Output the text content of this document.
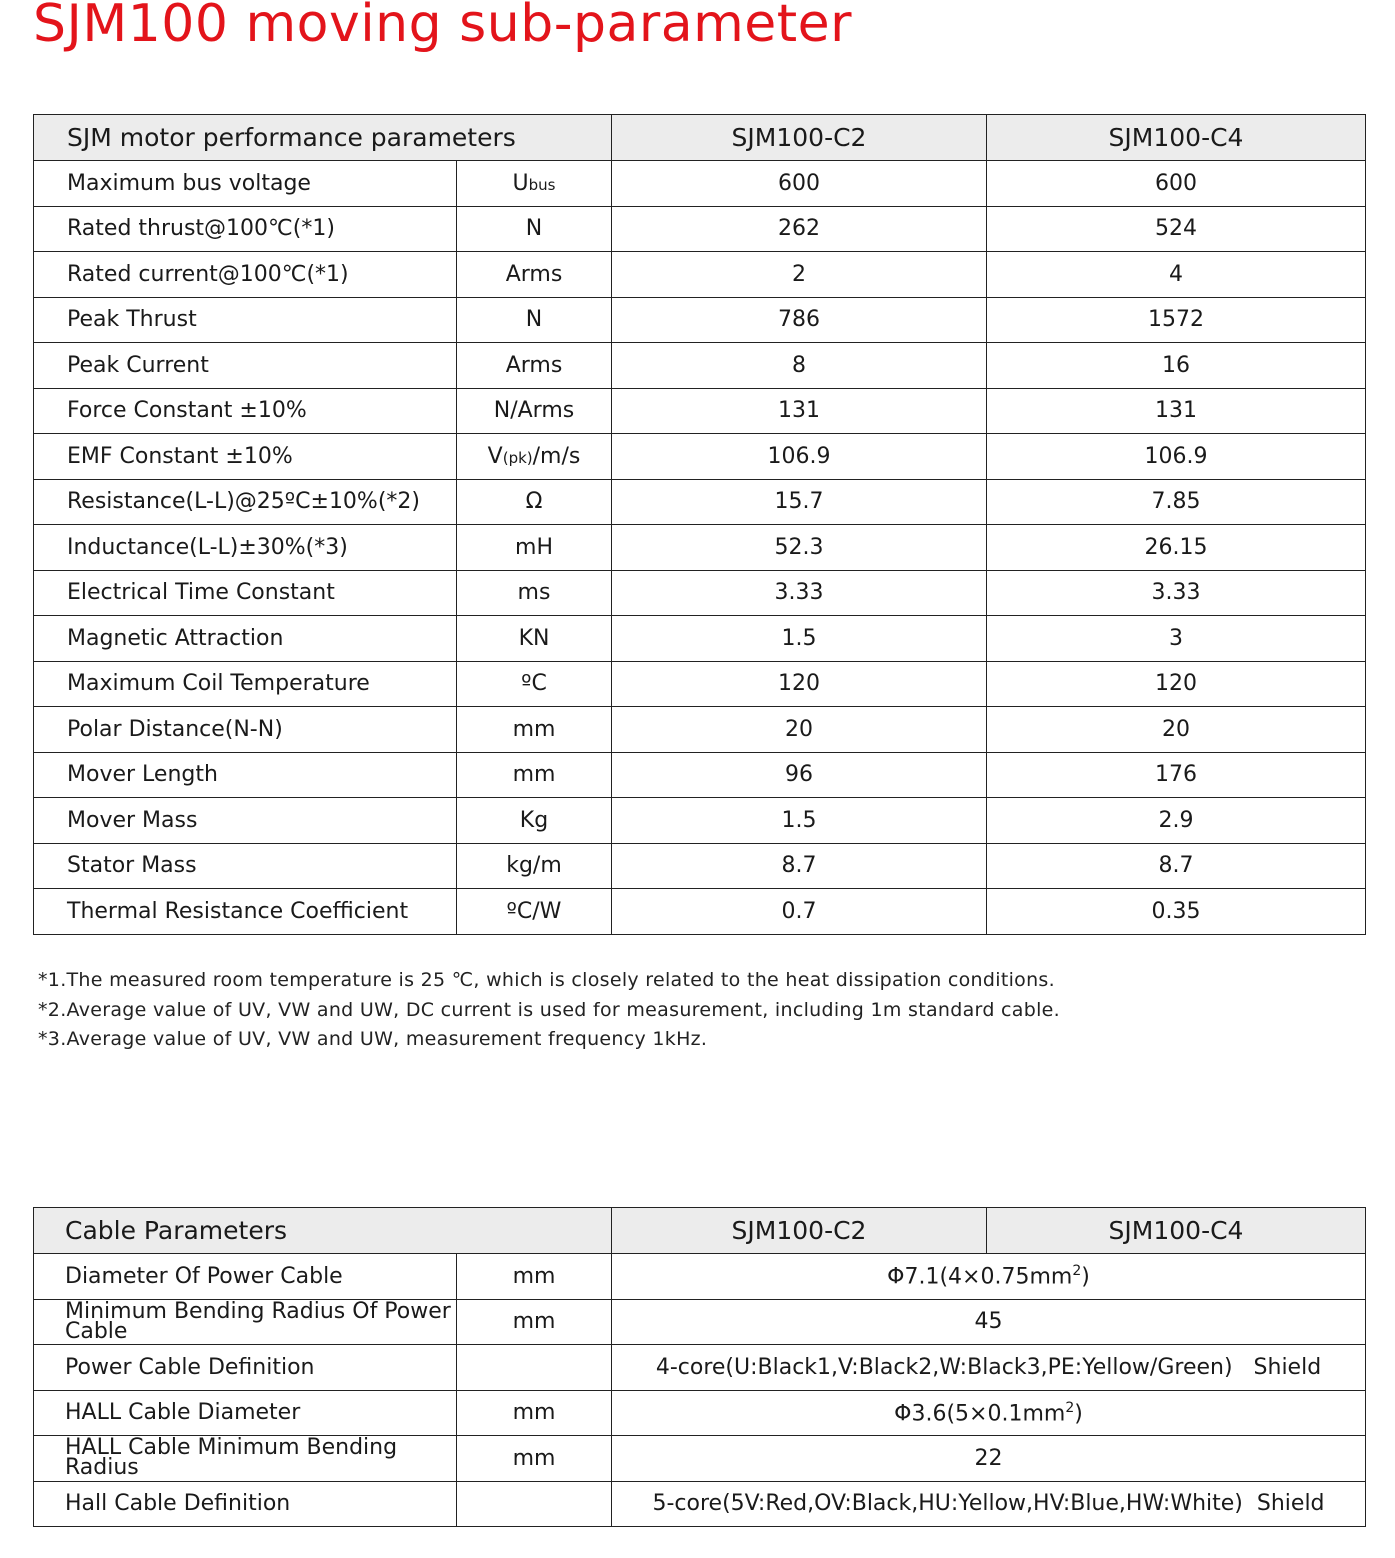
SJM100 moving sub-parameter
SJM motor performance parameters		SJM100-C2	SJM100-C4
Maximum bus voltage	Ubus	600	600
Rated thrust@100℃(*1)	N	262	524
Rated current@100℃(*1)	Arms	2	4
Peak Thrust	N	786	1572
Peak Current	Arms	8	16
Force Constant ±10%	N/Arms	131	131
EMF Constant ±10%	V(pk)/m/s	106.9	106.9
Resistance(L-L)@25ºC±10%(*2)	Ω	15.7	7.85
Inductance(L-L)±30%(*3)	mH	52.3	26.15
Electrical Time Constant	ms	3.33	3.33
Magnetic Attraction	KN	1.5	3
Maximum Coil Temperature	ºC	120	120
Polar Distance(N-N)	mm	20	20
Mover Length	mm	96	176
Mover Mass	Kg	1.5	2.9
Stator Mass	kg/m	8.7	8.7
Thermal Resistance Coefficient	ºC/W	0.7	0.35
*1.The measured room temperature is 25 ℃, which is closely related to the heat dissipation conditions.
*2.Average value of UV, VW and UW, DC current is used for measurement, including 1m standard cable.
*3.Average value of UV, VW and UW, measurement frequency 1kHz.
Cable Parameters		SJM100-C2	SJM100-C4
Diameter Of Power Cable	mm	$\Phi 7.1(4\times 0.75mm^2)$	
Minimum Bending Radius Of Power Cable	mm	45	
Power Cable Definition		4-core(U:Black1,V:Black2,W:Black3,PE:Yellow/Green) Shield	
HALL Cable Diameter	mm	$\Phi 3.6(5\times 0.1mm^2)$	
HALL Cable Minimum Bending Radius	mm	22	
Hall Cable Definition		5-core(5V:Red,OV:Black,HU:Yellow,HV:Blue,HW:White) Shield	
